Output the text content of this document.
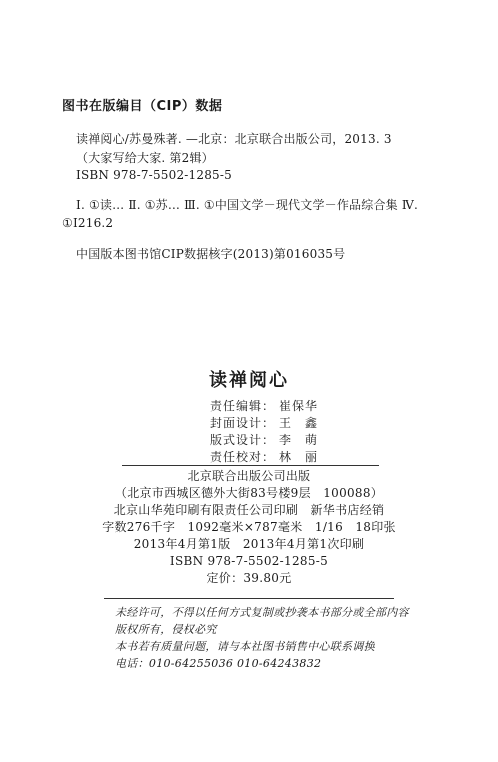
图书在版编目（CIP）数据
读禅阅心/苏曼殊著. —北京：北京联合出版公司，2013. 3
（大家写给大家. 第2辑）
ISBN 978-7-5502-1285-5
Ⅰ. ①读… Ⅱ. ①苏… Ⅲ. ①中国文学－现代文学－作品综合集 Ⅳ.
①I216.2
中国版本图书馆CIP数据核字(2013)第016035号
读禅阅心
责任编辑： 崔保华
封面设计： 王　鑫
版式设计： 李　萌
责任校对： 林　丽
北京联合出版公司出版
（北京市西城区德外大街83号楼9层　100088）
北京山华苑印刷有限责任公司印刷　新华书店经销
字数276千字　1092毫米×787毫米　1/16　18印张
2013年4月第1版　2013年4月第1次印刷
ISBN 978-7-5502-1285-5
定价：39.80元
未经许可，不得以任何方式复制或抄袭本书部分或全部内容
版权所有，侵权必究
本书若有质量问题，请与本社图书销售中心联系调换
电话：010-64255036 010-64243832
